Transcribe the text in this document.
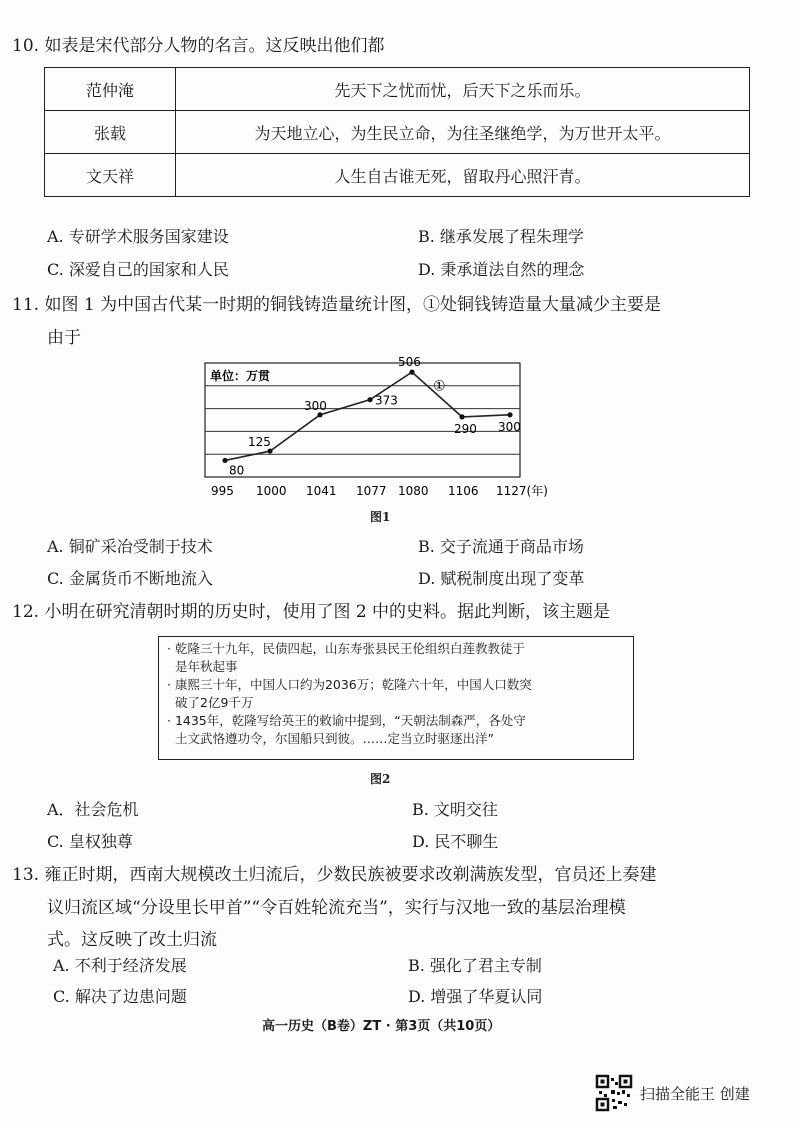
10. 如表是宋代部分人物的名言。这反映出他们都
范仲淹	先天下之忧而忧，后天下之乐而乐。
张载	为天地立心，为生民立命，为往圣继绝学，为万世开太平。
文天祥	人生自古谁无死，留取丹心照汗青。
A. 专研学术服务国家建设	B. 继承发展了程朱理学
C. 深爱自己的国家和人民	D. 秉承道法自然的理念
11. 如图 1 为中国古代某一时期的铜钱铸造量统计图，①处铜钱铸造量大量减少主要是
由于
单位：万贯
80
125
300	373
506
290 300
995 1000 1041 1077 1080 1106 1127(年)
①
图1
A. 铜矿采冶受制于技术	B. 交子流通于商品市场
C. 金属货币不断地流入	D. 赋税制度出现了变革
12. 小明在研究清朝时期的历史时，使用了图 2 中的史料。据此判断，该主题是
· 乾隆三十九年，民债四起，山东寿张县民王伦组织白莲教教徒于
是年秋起事
· 康熙三十年，中国人口约为2036万；乾隆六十年，中国人口数突
破了2亿9千万
· 1435年，乾隆写给英王的敕谕中提到，“天朝法制森严，各处守
土文武恪遵功令，尔国船只到彼。……定当立时驱逐出洋”
图2
A．社会危机	B. 文明交往
C. 皇权独尊	D. 民不聊生
13. 雍正时期，西南大规模改土归流后，少数民族被要求改剃满族发型，官员还上奏建
议归流区域“分设里长甲首”“令百姓轮流充当”，实行与汉地一致的基层治理模
式。这反映了改土归流
A. 不利于经济发展	B. 强化了君主专制
C. 解决了边患问题	D. 增强了华夏认同
高一历史（B卷）ZT · 第3页（共10页）
扫描全能王 创建
